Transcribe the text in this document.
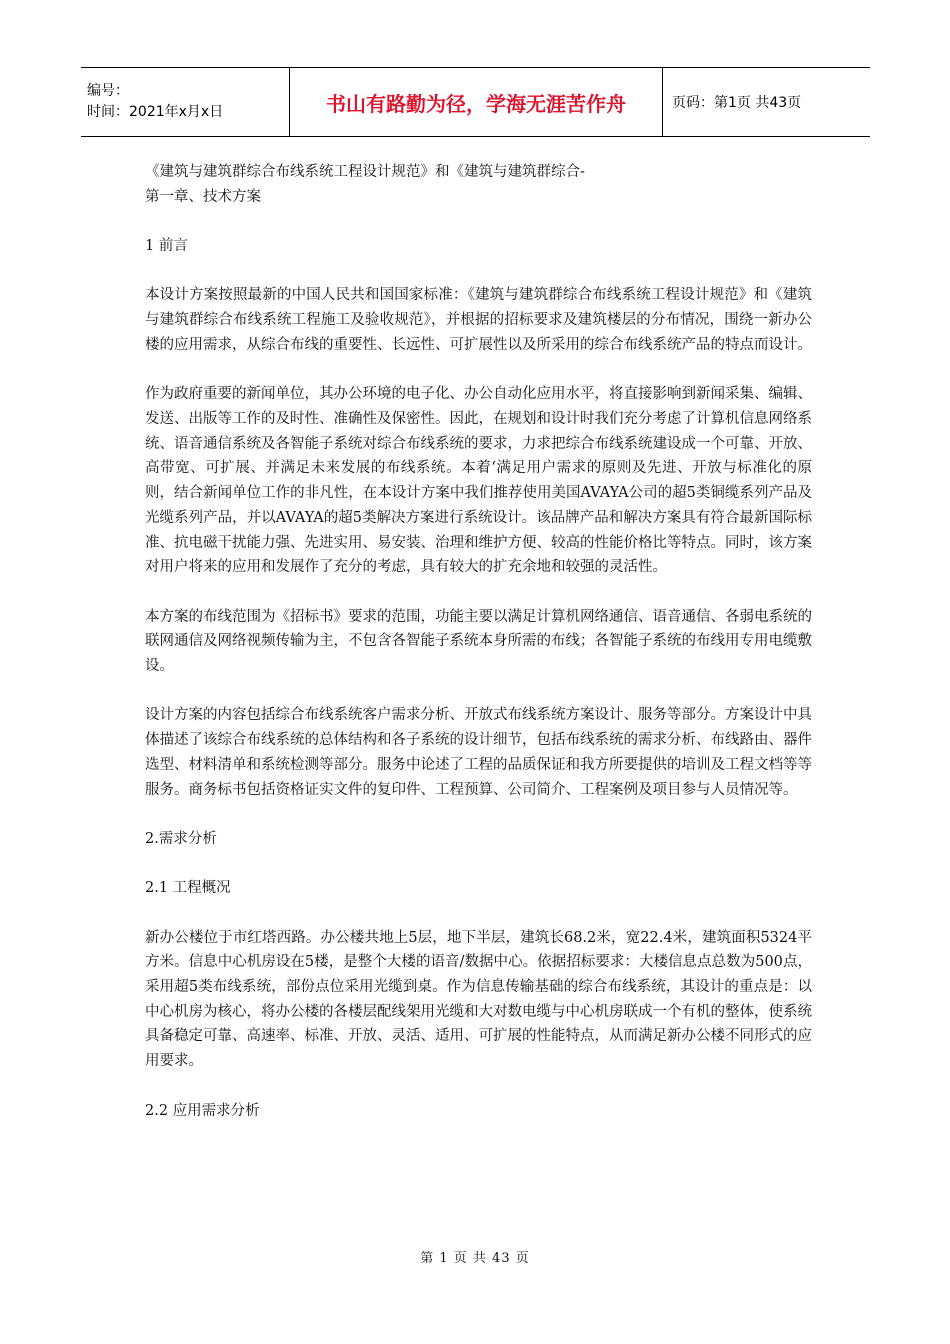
编号：
时间：2021年x月x日	书山有路勤为径，学海无涯苦作舟	页码：第1页 共43页

《建筑与建筑群综合布线系统工程设计规范》和《建筑与建筑群综合-

第一章、技术方案

1 前言

本设计方案按照最新的中国人民共和国国家标准：《建筑与建筑群综合布线系统工程设计规范》和《建筑与建筑群综合布线系统工程施工及验收规范》，并根据的招标要求及建筑楼层的分布情况，围绕一新办公楼的应用需求，从综合布线的重要性、长远性、可扩展性以及所采用的综合布线系统产品的特点而设计。

作为政府重要的新闻单位，其办公环境的电子化、办公自动化应用水平，将直接影响到新闻采集、编辑、发送、出版等工作的及时性、准确性及保密性。因此，在规划和设计时我们充分考虑了计算机信息网络系统、语音通信系统及各智能子系统对综合布线系统的要求，力求把综合布线系统建设成一个可靠、开放、高带宽、可扩展、并满足未来发展的布线系统。本着‘满足用户需求的原则及先进、开放与标准化的原则，结合新闻单位工作的非凡性，在本设计方案中我们推荐使用美国AVAYA公司的超5类铜缆系列产品及光缆系列产品，并以AVAYA的超5类解决方案进行系统设计。该品牌产品和解决方案具有符合最新国际标准、抗电磁干扰能力强、先进实用、易安装、治理和维护方便、较高的性能价格比等特点。同时，该方案对用户将来的应用和发展作了充分的考虑，具有较大的扩充余地和较强的灵活性。

本方案的布线范围为《招标书》要求的范围，功能主要以满足计算机网络通信、语音通信、各弱电系统的联网通信及网络视频传输为主，不包含各智能子系统本身所需的布线；各智能子系统的布线用专用电缆敷设。

设计方案的内容包括综合布线系统客户需求分析、开放式布线系统方案设计、服务等部分。方案设计中具体描述了该综合布线系统的总体结构和各子系统的设计细节，包括布线系统的需求分析、布线路由、器件选型、材料清单和系统检测等部分。服务中论述了工程的品质保证和我方所要提供的培训及工程文档等等服务。商务标书包括资格证实文件的复印件、工程预算、公司简介、工程案例及项目参与人员情况等。

2.需求分析

2.1 工程概况

新办公楼位于市红塔西路。办公楼共地上5层，地下半层，建筑长68.2米，宽22.4米，建筑面积5324平方米。信息中心机房设在5楼，是整个大楼的语音/数据中心。依据招标要求：大楼信息点总数为500点，采用超5类布线系统，部份点位采用光缆到桌。作为信息传输基础的综合布线系统，其设计的重点是：以中心机房为核心，将办公楼的各楼层配线架用光缆和大对数电缆与中心机房联成一个有机的整体，使系统具备稳定可靠、高速率、标准、开放、灵活、适用、可扩展的性能特点，从而满足新办公楼不同形式的应用要求。

2.2 应用需求分析

第 1 页 共 43 页
